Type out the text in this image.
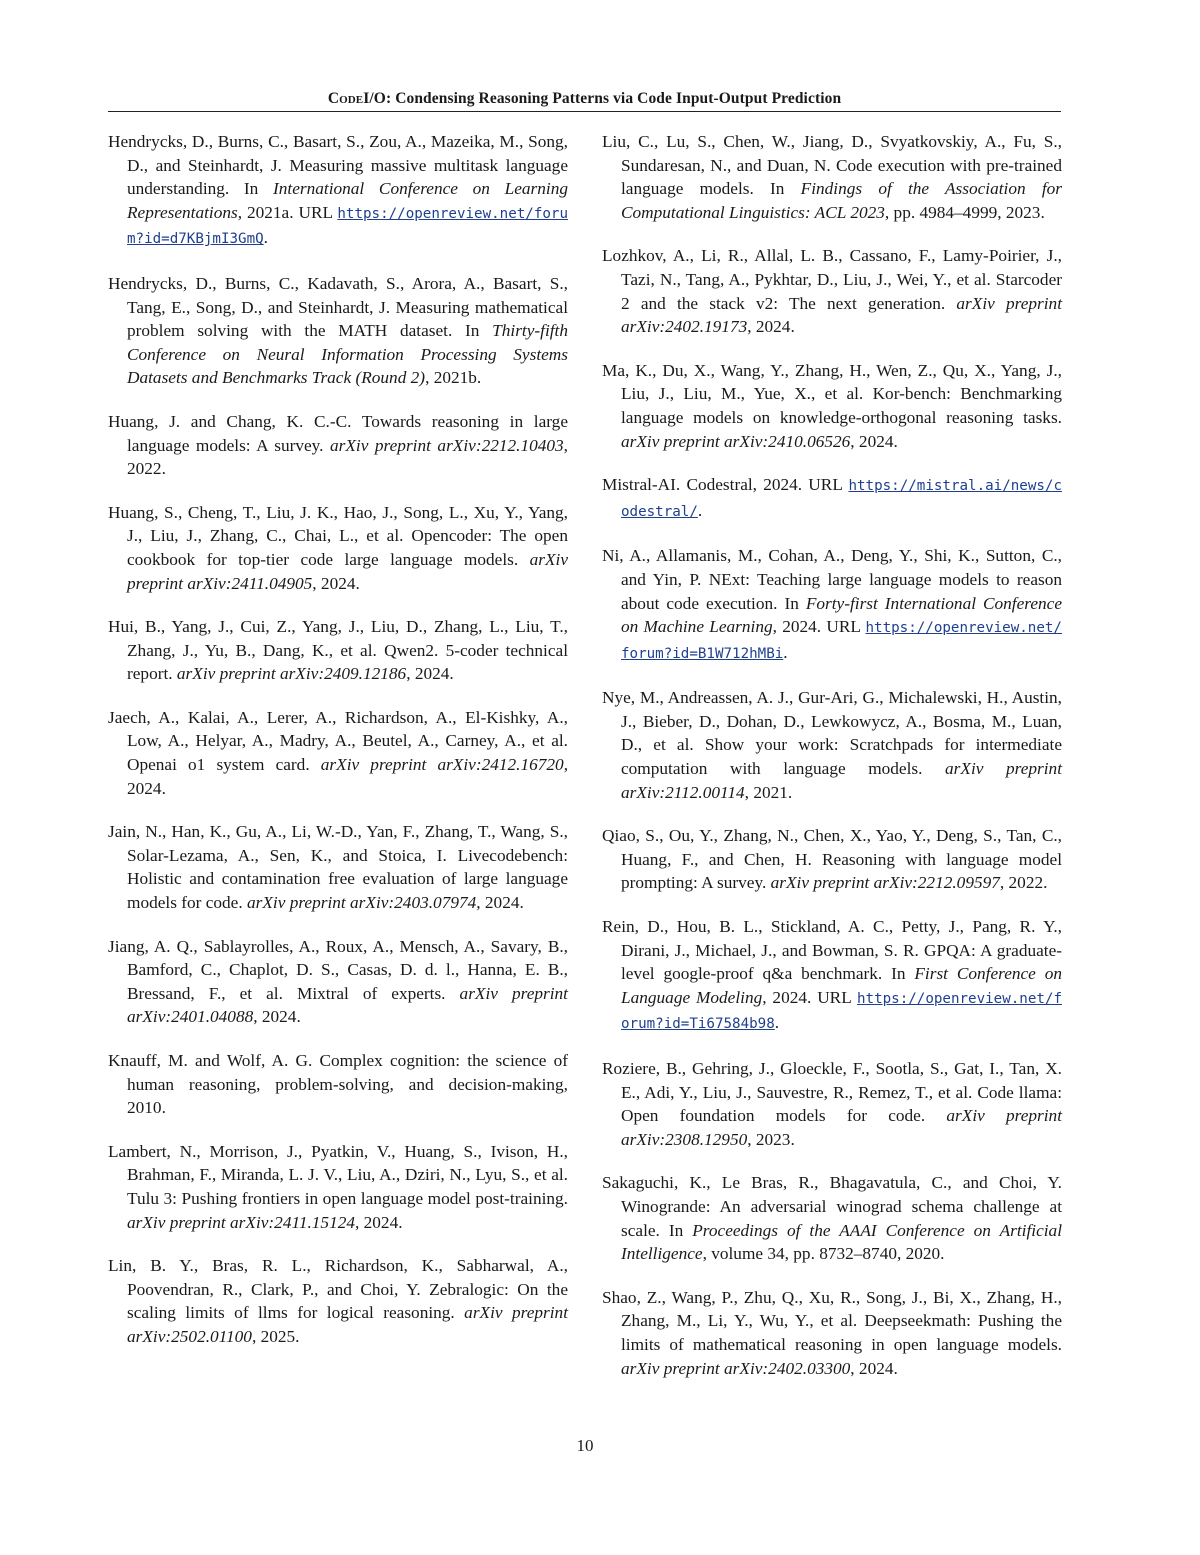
CodeI/O: Condensing Reasoning Patterns via Code Input-Output Prediction

Hendrycks, D., Burns, C., Basart, S., Zou, A., Mazeika, M., Song, D., and Steinhardt, J. Measuring massive multitask language understanding. In International Conference on Learning Representations, 2021a. URL https://openreview.net/forum?id=d7KBjmI3GmQ.

Hendrycks, D., Burns, C., Kadavath, S., Arora, A., Basart, S., Tang, E., Song, D., and Steinhardt, J. Measuring mathematical problem solving with the MATH dataset. In Thirty-fifth Conference on Neural Information Processing Systems Datasets and Benchmarks Track (Round 2), 2021b.

Huang, J. and Chang, K. C.-C. Towards reasoning in large language models: A survey. arXiv preprint arXiv:2212.10403, 2022.

Huang, S., Cheng, T., Liu, J. K., Hao, J., Song, L., Xu, Y., Yang, J., Liu, J., Zhang, C., Chai, L., et al. Opencoder: The open cookbook for top-tier code large language models. arXiv preprint arXiv:2411.04905, 2024.

Hui, B., Yang, J., Cui, Z., Yang, J., Liu, D., Zhang, L., Liu, T., Zhang, J., Yu, B., Dang, K., et al. Qwen2. 5-coder technical report. arXiv preprint arXiv:2409.12186, 2024.

Jaech, A., Kalai, A., Lerer, A., Richardson, A., El-Kishky, A., Low, A., Helyar, A., Madry, A., Beutel, A., Carney, A., et al. Openai o1 system card. arXiv preprint arXiv:2412.16720, 2024.

Jain, N., Han, K., Gu, A., Li, W.-D., Yan, F., Zhang, T., Wang, S., Solar-Lezama, A., Sen, K., and Stoica, I. Livecodebench: Holistic and contamination free evaluation of large language models for code. arXiv preprint arXiv:2403.07974, 2024.

Jiang, A. Q., Sablayrolles, A., Roux, A., Mensch, A., Savary, B., Bamford, C., Chaplot, D. S., Casas, D. d. l., Hanna, E. B., Bressand, F., et al. Mixtral of experts. arXiv preprint arXiv:2401.04088, 2024.

Knauff, M. and Wolf, A. G. Complex cognition: the science of human reasoning, problem-solving, and decision-making, 2010.

Lambert, N., Morrison, J., Pyatkin, V., Huang, S., Ivison, H., Brahman, F., Miranda, L. J. V., Liu, A., Dziri, N., Lyu, S., et al. Tulu 3: Pushing frontiers in open language model post-training. arXiv preprint arXiv:2411.15124, 2024.

Lin, B. Y., Bras, R. L., Richardson, K., Sabharwal, A., Poovendran, R., Clark, P., and Choi, Y. Zebralogic: On the scaling limits of llms for logical reasoning. arXiv preprint arXiv:2502.01100, 2025.

Liu, C., Lu, S., Chen, W., Jiang, D., Svyatkovskiy, A., Fu, S., Sundaresan, N., and Duan, N. Code execution with pre-trained language models. In Findings of the Association for Computational Linguistics: ACL 2023, pp. 4984–4999, 2023.

Lozhkov, A., Li, R., Allal, L. B., Cassano, F., Lamy-Poirier, J., Tazi, N., Tang, A., Pykhtar, D., Liu, J., Wei, Y., et al. Starcoder 2 and the stack v2: The next generation. arXiv preprint arXiv:2402.19173, 2024.

Ma, K., Du, X., Wang, Y., Zhang, H., Wen, Z., Qu, X., Yang, J., Liu, J., Liu, M., Yue, X., et al. Kor-bench: Benchmarking language models on knowledge-orthogonal reasoning tasks. arXiv preprint arXiv:2410.06526, 2024.

Mistral-AI. Codestral, 2024. URL https://mistral.ai/news/codestral/.

Ni, A., Allamanis, M., Cohan, A., Deng, Y., Shi, K., Sutton, C., and Yin, P. NExt: Teaching large language models to reason about code execution. In Forty-first International Conference on Machine Learning, 2024. URL https://openreview.net/forum?id=B1W712hMBi.

Nye, M., Andreassen, A. J., Gur-Ari, G., Michalewski, H., Austin, J., Bieber, D., Dohan, D., Lewkowycz, A., Bosma, M., Luan, D., et al. Show your work: Scratchpads for intermediate computation with language models. arXiv preprint arXiv:2112.00114, 2021.

Qiao, S., Ou, Y., Zhang, N., Chen, X., Yao, Y., Deng, S., Tan, C., Huang, F., and Chen, H. Reasoning with language model prompting: A survey. arXiv preprint arXiv:2212.09597, 2022.

Rein, D., Hou, B. L., Stickland, A. C., Petty, J., Pang, R. Y., Dirani, J., Michael, J., and Bowman, S. R. GPQA: A graduate-level google-proof q&a benchmark. In First Conference on Language Modeling, 2024. URL https://openreview.net/forum?id=Ti67584b98.

Roziere, B., Gehring, J., Gloeckle, F., Sootla, S., Gat, I., Tan, X. E., Adi, Y., Liu, J., Sauvestre, R., Remez, T., et al. Code llama: Open foundation models for code. arXiv preprint arXiv:2308.12950, 2023.

Sakaguchi, K., Le Bras, R., Bhagavatula, C., and Choi, Y. Winogrande: An adversarial winograd schema challenge at scale. In Proceedings of the AAAI Conference on Artificial Intelligence, volume 34, pp. 8732–8740, 2020.

Shao, Z., Wang, P., Zhu, Q., Xu, R., Song, J., Bi, X., Zhang, H., Zhang, M., Li, Y., Wu, Y., et al. Deepseekmath: Pushing the limits of mathematical reasoning in open language models. arXiv preprint arXiv:2402.03300, 2024.

10
